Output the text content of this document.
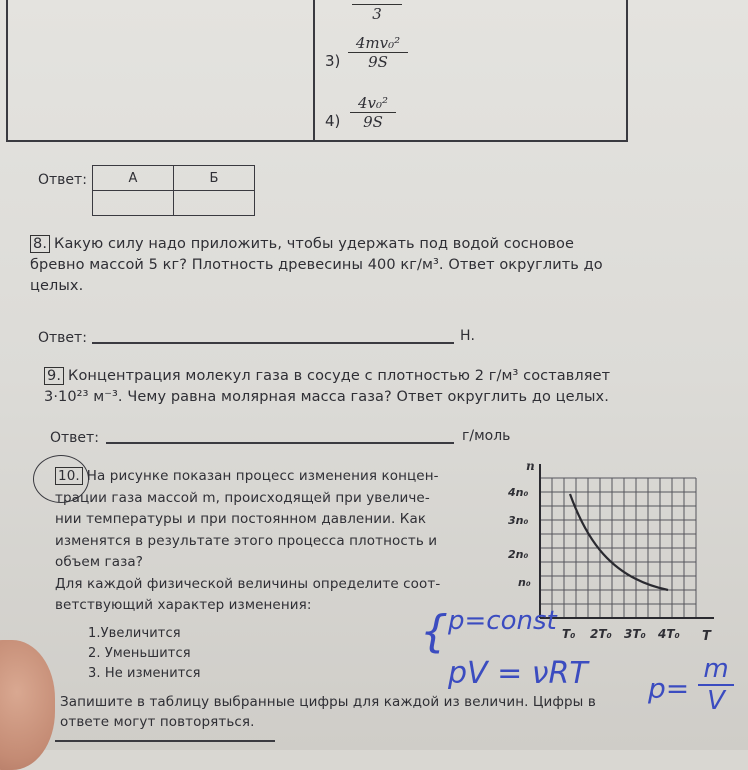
3
$3) \frac{\text{4mv₀²}}{9S}$
$4) \frac{\text{4v₀²}}{9S}$
Ответ:	А	Б

8. Какую силу надо приложить, чтобы удержать под водой сосновое
бревно массой 5 кг? Плотность древесины 400 кг/м³. Ответ округлить до
целых.
Ответ:	Н.
9. Концентрация молекул газа в сосуде с плотностью 2 г/м³ составляет
3·10²³ м⁻³. Чему равна молярная масса газа? Ответ округлить до целых.
Ответ:	г/моль
10. На рисунке показан процесс изменения концен-
трации газа массой m, происходящей при увеличе-
нии температуры и при постоянном давлении. Как
изменятся в результате этого процесса плотность и
объем газа?
Для каждой физической величины определите соот-
ветствующий характер изменения:
1.Увеличится
2. Уменьшится
3. Не изменится
Запишите в таблицу выбранные цифры для каждой из величин. Цифры в
ответе могут повторяться.
n
4n₀
3n₀
2n₀
n₀
T₀ 2T₀ 3T₀ 4T₀ T
{ p=const
pV = νRT p=
m
V
